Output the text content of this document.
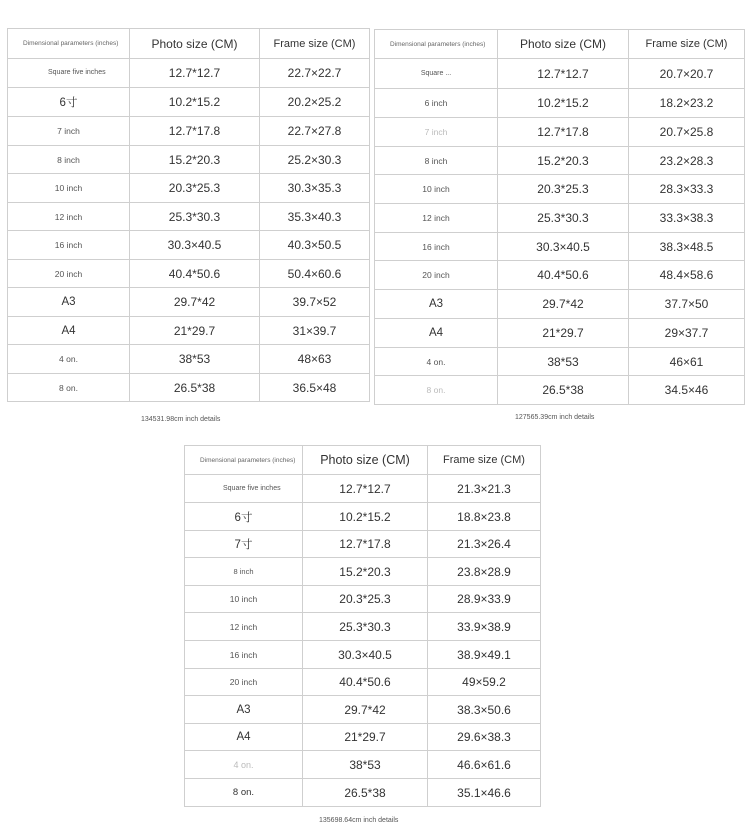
Dimensional parameters (inches)	Photo size (CM)	Frame size (CM)
Square five inches	12.7*12.7	22.7×22.7
6寸	10.2*15.2	20.2×25.2
7 inch	12.7*17.8	22.7×27.8
8 inch	15.2*20.3	25.2×30.3
10 inch	20.3*25.3	30.3×35.3
12 inch	25.3*30.3	35.3×40.3
16 inch	30.3×40.5	40.3×50.5
20 inch	40.4*50.6	50.4×60.6
A3	29.7*42	39.7×52
A4	21*29.7	31×39.7
4 on.	38*53	48×63
8 on.	26.5*38	36.5×48
134531.98cm inch details
Dimensional parameters (inches)	Photo size (CM)	Frame size (CM)
Square ...	12.7*12.7	20.7×20.7
6 inch	10.2*15.2	18.2×23.2
7 inch	12.7*17.8	20.7×25.8
8 inch	15.2*20.3	23.2×28.3
10 inch	20.3*25.3	28.3×33.3
12 inch	25.3*30.3	33.3×38.3
16 inch	30.3×40.5	38.3×48.5
20 inch	40.4*50.6	48.4×58.6
A3	29.7*42	37.7×50
A4	21*29.7	29×37.7
4 on.	38*53	46×61
8 on.	26.5*38	34.5×46
127565.39cm inch details
Dimensional parameters (inches)	Photo size (CM)	Frame size (CM)
Square five inches	12.7*12.7	21.3×21.3
6寸	10.2*15.2	18.8×23.8
7寸	12.7*17.8	21.3×26.4
8 inch	15.2*20.3	23.8×28.9
10 inch	20.3*25.3	28.9×33.9
12 inch	25.3*30.3	33.9×38.9
16 inch	30.3×40.5	38.9×49.1
20 inch	40.4*50.6	49×59.2
A3	29.7*42	38.3×50.6
A4	21*29.7	29.6×38.3
4 on.	38*53	46.6×61.6
8 on.	26.5*38	35.1×46.6
135698.64cm inch details
